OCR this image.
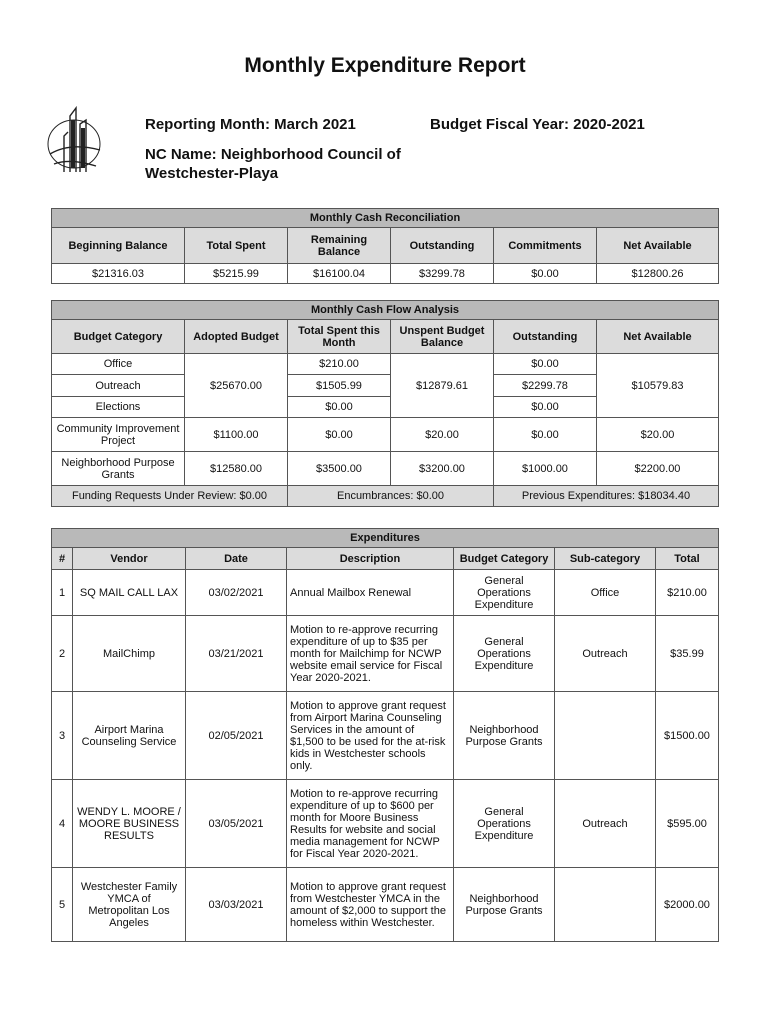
Monthly Expenditure Report
Reporting Month: March 2021	Budget Fiscal Year: 2020-2021
NC Name: Neighborhood Council of
Westchester-Playa
Monthly Cash Reconciliation					
Beginning Balance	Total Spent	Remaining Balance	Outstanding	Commitments	Net Available
$21316.03	$5215.99	$16100.04	$3299.78	$0.00	$12800.26
Monthly Cash Flow Analysis					
Budget Category	Adopted Budget	Total Spent this Month	Unspent Budget Balance	Outstanding	Net Available
Office	$25670.00	$210.00	$12879.61	$0.00	$10579.83
Outreach		$1505.99		$2299.78	
Elections		$0.00		$0.00	
Community Improvement Project	$1100.00	$0.00	$20.00	$0.00	$20.00
Neighborhood Purpose Grants	$12580.00	$3500.00	$3200.00	$1000.00	$2200.00
Funding Requests Under Review: $0.00		Encumbrances: $0.00		Previous Expenditures: $18034.40	
Expenditures						
#	Vendor	Date	Description	Budget Category	Sub-category	Total
1	SQ MAIL CALL LAX	03/02/2021	Annual Mailbox Renewal	General Operations Expenditure	Office	$210.00
2	MailChimp	03/21/2021	Motion to re-approve recurring expenditure of up to $35 per month for Mailchimp for NCWP website email service for Fiscal Year 2020-2021.	General Operations Expenditure	Outreach	$35.99
3	Airport Marina Counseling Service	02/05/2021	Motion to approve grant request from Airport Marina Counseling Services in the amount of $1,500 to be used for the at-risk kids in Westchester schools only.	Neighborhood Purpose Grants		$1500.00
4	WENDY L. MOORE / MOORE BUSINESS RESULTS	03/05/2021	Motion to re-approve recurring expenditure of up to $600 per month for Moore Business Results for website and social media management for NCWP for Fiscal Year 2020-2021.	General Operations Expenditure	Outreach	$595.00
5	Westchester Family YMCA of Metropolitan Los Angeles	03/03/2021	Motion to approve grant request from Westchester YMCA in the amount of $2,000 to support the homeless within Westchester.	Neighborhood Purpose Grants		$2000.00
